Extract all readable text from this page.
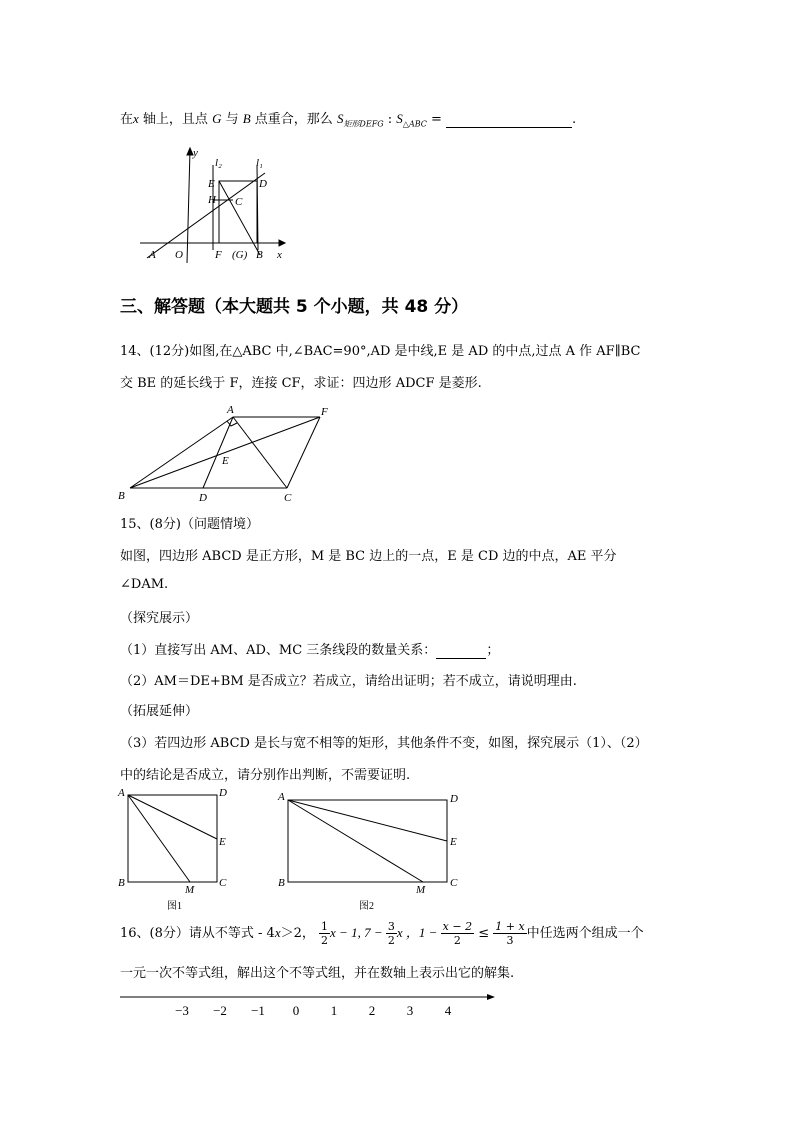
在x 轴上，且点 G 与 B 点重合，那么 $S_{矩形DEFG}$ : $S_{\triangle ABC}$ =	.
y
l₂	l₁
E	D
H C
A O	F (G) B x
三、解答题（本大题共 5 个小题，共 48 分）
14、(12分)如图,在△ABC 中,∠BAC=90°,AD 是中线,E 是 AD 的中点,过点 A 作 AF∥BC
交 BE 的延长线于 F，连接 CF，求证：四边形 ADCF 是菱形.
A	F
E
B	D	C
15、(8分)（问题情境）
如图，四边形 ABCD 是正方形，M 是 BC 边上的一点，E 是 CD 边的中点，AE 平分
∠DAM.
（探究展示）
（1）直接写出 AM、AD、MC 三条线段的数量关系：	；
（2）AM＝DE+BM 是否成立？若成立，请给出证明；若不成立，请说明理由.
（拓展延伸）
（3）若四边形 ABCD 是长与宽不相等的矩形，其他条件不变，如图，探究展示（1）、（2）
中的结论是否成立，请分别作出判断，不需要证明.
A	D
E
B
M
C
图1
A	D
E
B
M
C
图2
16、(8分）请从不等式 - 4x＞2， $\frac{1}{2}$ x − 1, $7 - \frac{3}{2}$ x ，$1 - \frac{x - 2}{2} \le \frac{1 + x}{3}$ 中任选两个组成一个
一元一次不等式组，解出这个不等式组，并在数轴上表示出它的解集.
−3 −2 −1 0 1 2 3 4
